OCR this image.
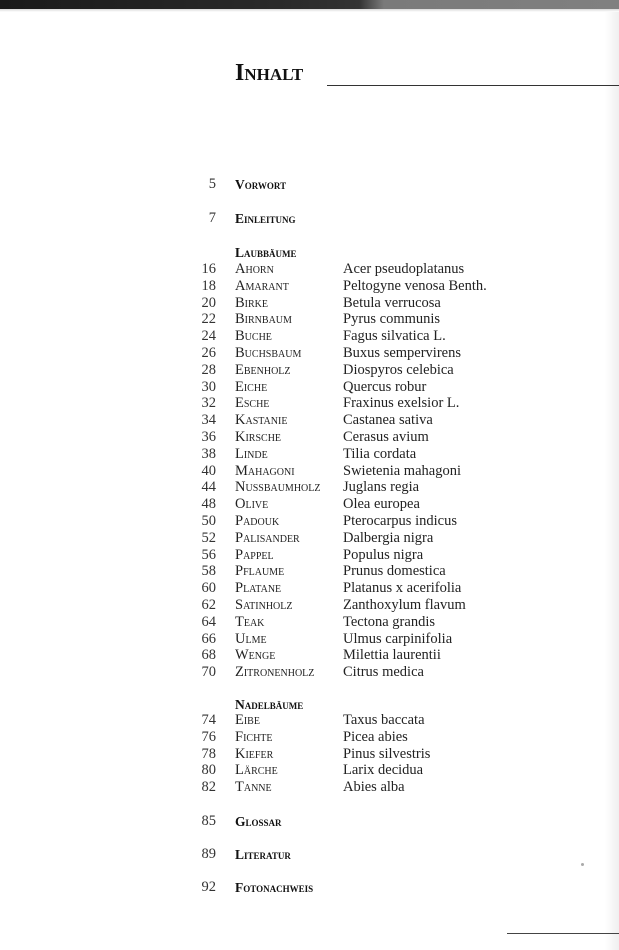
Inhalt
5 Vorwort
7 Einleitung
Laubbäume
16 Ahorn	Acer pseudoplatanus
18 Amarant	Peltogyne venosa Benth.
20 Birke	Betula verrucosa
22 Birnbaum	Pyrus communis
24 Buche	Fagus silvatica L.
26 Buchsbaum	Buxus sempervirens
28 Ebenholz	Diospyros celebica
30 Eiche	Quercus robur
32 Esche	Fraxinus exelsior L.
34 Kastanie	Castanea sativa
36 Kirsche	Cerasus avium
38 Linde	Tilia cordata
40 Mahagoni	Swietenia mahagoni
44 Nussbaumholz Juglans regia
48 Olive	Olea europea
50 Padouk	Pterocarpus indicus
52 Palisander	Dalbergia nigra
56 Pappel	Populus nigra
58 Pflaume	Prunus domestica
60 Platane	Platanus x acerifolia
62 Satinholz	Zanthoxylum flavum
64 Teak	Tectona grandis
66 Ulme	Ulmus carpinifolia
68 Wenge	Milettia laurentii
70 Zitronenholz Citrus medica
Nadelbäume
74 Eibe	Taxus baccata
76 Fichte	Picea abies
78 Kiefer	Pinus silvestris
80 Lärche	Larix decidua
82 Tanne	Abies alba
85 Glossar
89 Literatur
92 Fotonachweis
